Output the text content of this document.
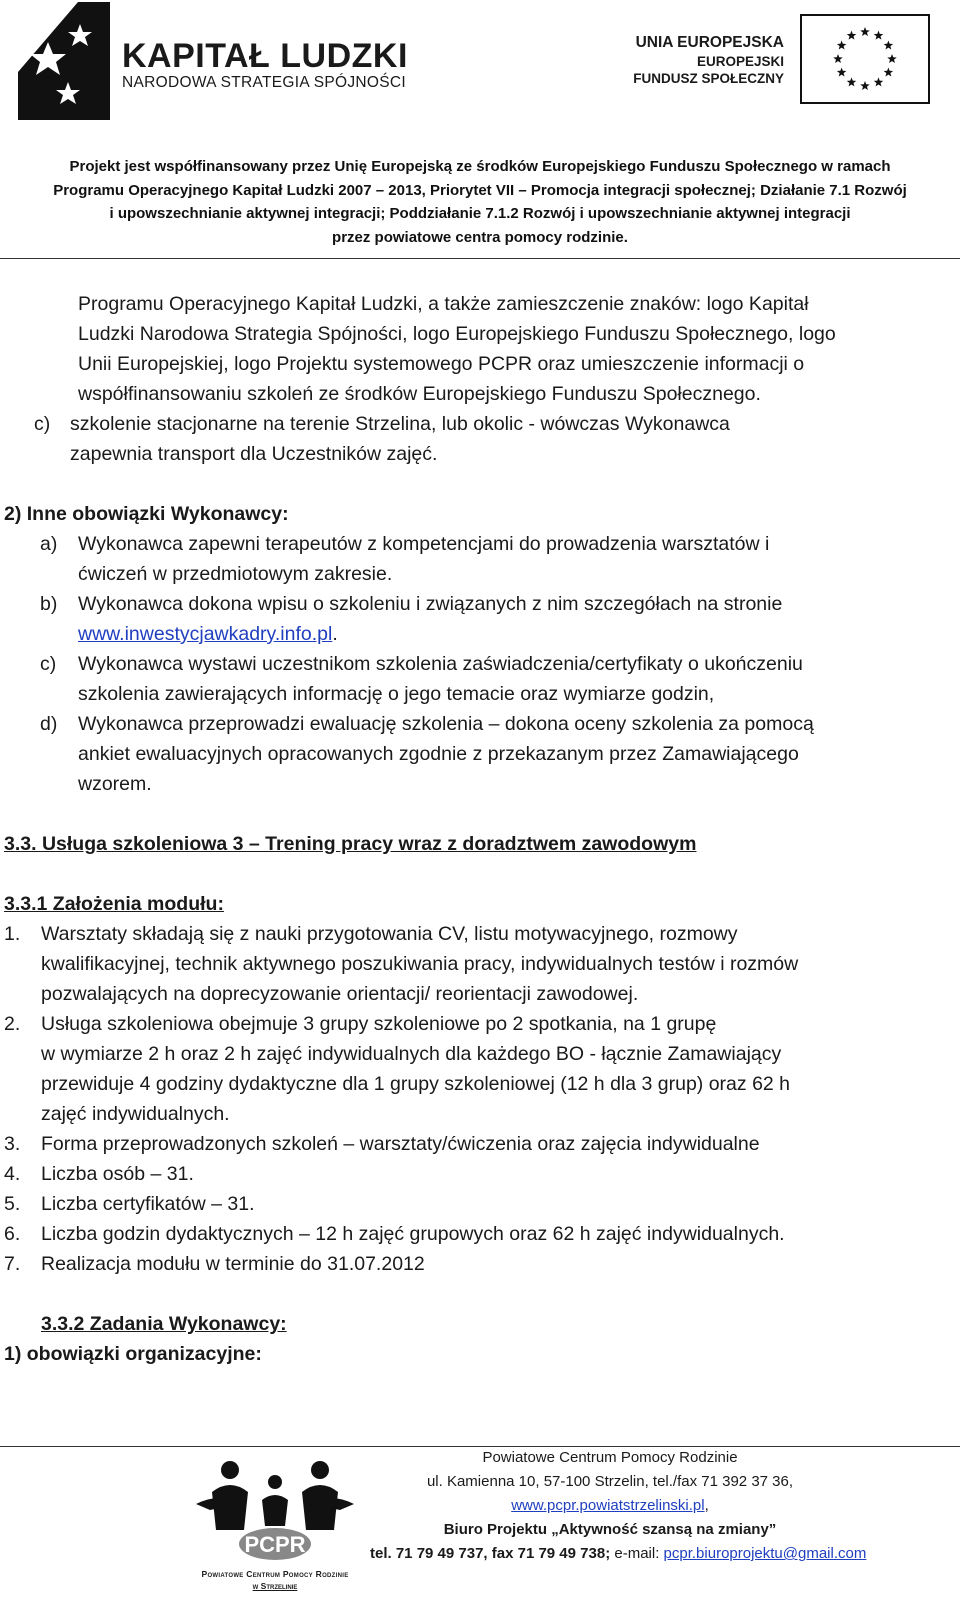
KAPITAŁ LUDZKI
NARODOWA STRATEGIA SPÓJNOŚCI
UNIA EUROPEJSKA
EUROPEJSKI
FUNDUSZ SPOŁECZNY
Projekt jest współfinansowany przez Unię Europejską ze środków Europejskiego Funduszu Społecznego w ramach
Programu Operacyjnego Kapitał Ludzki 2007 – 2013, Priorytet VII – Promocja integracji społecznej; Działanie 7.1 Rozwój
i upowszechnianie aktywnej integracji; Poddziałanie 7.1.2 Rozwój i upowszechnianie aktywnej integracji
przez powiatowe centra pomocy rodzinie.
Programu Operacyjnego Kapitał Ludzki, a także zamieszczenie znaków: logo Kapitał
Ludzki Narodowa Strategia Spójności, logo Europejskiego Funduszu Społecznego, logo
Unii Europejskiej, logo Projektu systemowego PCPR oraz umieszczenie informacji o
współfinansowaniu szkoleń ze środków Europejskiego Funduszu Społecznego.
c) szkolenie stacjonarne na terenie Strzelina, lub okolic - wówczas Wykonawca
zapewnia transport dla Uczestników zajęć.
2) Inne obowiązki Wykonawcy:
a) Wykonawca zapewni terapeutów z kompetencjami do prowadzenia warsztatów i
ćwiczeń w przedmiotowym zakresie.
b) Wykonawca dokona wpisu o szkoleniu i związanych z nim szczegółach na stronie
www.inwestycjawkadry.info.pl.
c) Wykonawca wystawi uczestnikom szkolenia zaświadczenia/certyfikaty o ukończeniu
szkolenia zawierających informację o jego temacie oraz wymiarze godzin,
d) Wykonawca przeprowadzi ewaluację szkolenia – dokona oceny szkolenia za pomocą
ankiet ewaluacyjnych opracowanych zgodnie z przekazanym przez Zamawiającego
wzorem.
3.3. Usługa szkoleniowa 3 – Trening pracy wraz z doradztwem zawodowym
3.3.1 Założenia modułu:
1. Warsztaty składają się z nauki przygotowania CV, listu motywacyjnego, rozmowy
kwalifikacyjnej, technik aktywnego poszukiwania pracy, indywidualnych testów i rozmów
pozwalających na doprecyzowanie orientacji/ reorientacji zawodowej.
2. Usługa szkoleniowa obejmuje 3 grupy szkoleniowe po 2 spotkania, na 1 grupę
w wymiarze 2 h oraz 2 h zajęć indywidualnych dla każdego BO - łącznie Zamawiający
przewiduje 4 godziny dydaktyczne dla 1 grupy szkoleniowej (12 h dla 3 grup) oraz 62 h
zajęć indywidualnych.
3. Forma przeprowadzonych szkoleń – warsztaty/ćwiczenia oraz zajęcia indywidualne
4. Liczba osób – 31.
5. Liczba certyfikatów – 31.
6. Liczba godzin dydaktycznych – 12 h zajęć grupowych oraz 62 h zajęć indywidualnych.
7. Realizacja modułu w terminie do 31.07.2012
3.3.2 Zadania Wykonawcy:
1) obowiązki organizacyjne:
PCPR
Powiatowe Centrum Pomocy Rodzinie
w Strzelinie
Powiatowe Centrum Pomocy Rodzinie
ul. Kamienna 10, 57-100 Strzelin, tel./fax 71 392 37 36,
www.pcpr.powiatstrzelinski.pl,
Biuro Projektu „Aktywność szansą na zmiany”
tel. 71 79 49 737, fax 71 79 49 738; e-mail: pcpr.biuroprojektu@gmail.com
